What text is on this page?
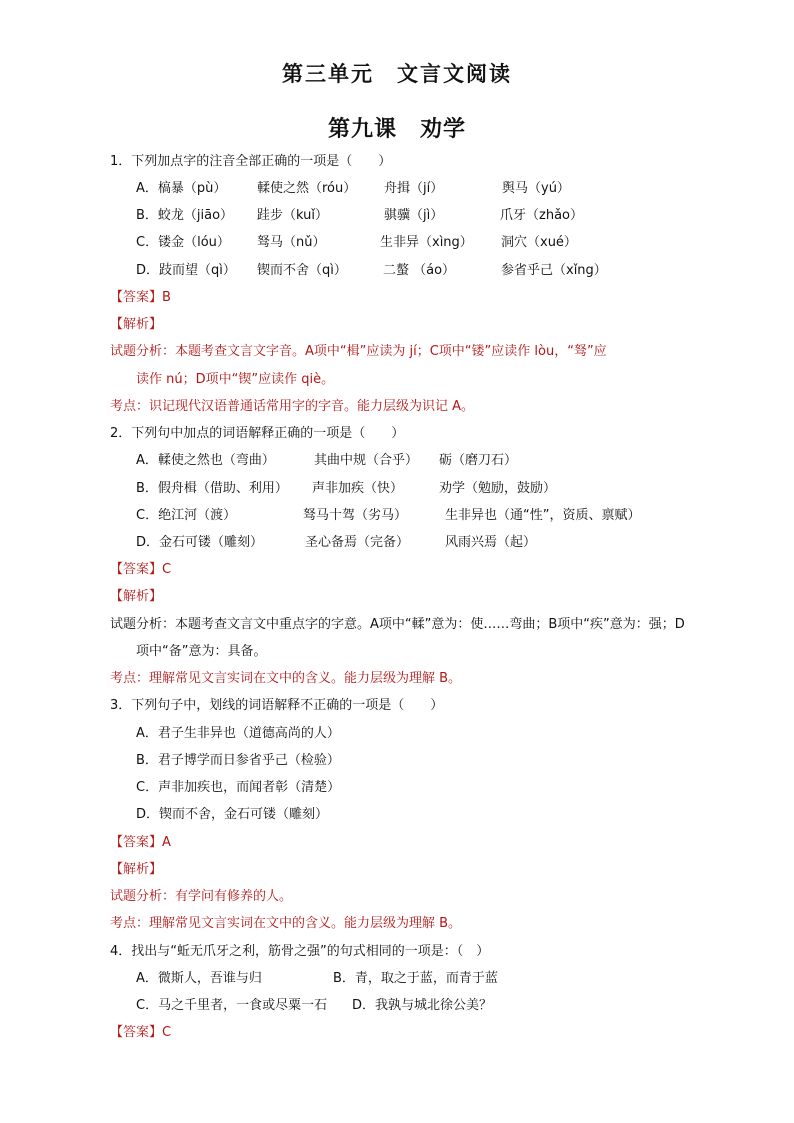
第三单元　文言文阅读
第九课　劝学
1．下列加点字的注音全部正确的一项是（　　）
A．槁暴（pù）	輮使之然（róu）	舟揖（jí）	舆马（yú）
B．蛟龙（jiāo）	跬步（kuǐ）	骐骥（jì）	爪牙（zhǎo）
C．镂金（lóu）	驽马（nǔ）	生非异（xìng）	洞穴（xué）
D．跂而望（qì）	锲而不舍（qì）	二螯 （áo）	参省乎己（xǐng）
【答案】B
【解析】
试题分析：本题考查文言文字音。A项中“楫”应读为 jí；C项中“镂”应读作 lòu，“驽”应
读作 nú；D项中“锲”应读作 qiè。
考点：识记现代汉语普通话常用字的字音。能力层级为识记 A。
2．下列句中加点的词语解释正确的一项是（　　）
A．輮使之然也（弯曲）	其曲中规（合乎）	砺（磨刀石）
B．假舟楫（借助、利用）	声非加疾（快）	劝学（勉励，鼓励）
C．绝江河（渡）	驽马十驾（劣马）	生非异也（通“性”，资质、禀赋）
D．金石可镂（雕刻）	圣心备焉（完备）	风雨兴焉（起）
【答案】C
【解析】
试题分析：本题考查文言文中重点字的字意。A项中“輮”意为：使……弯曲；B项中“疾”意为：强；D
项中“备”意为：具备。
考点：理解常见文言实词在文中的含义。能力层级为理解 B。
3．下列句子中，划线的词语解释不正确的一项是（　　）
A．君子生非异也（道德高尚的人）
B．君子博学而日参省乎己（检验）
C．声非加疾也，而闻者彰（清楚）
D．锲而不舍，金石可镂（雕刻）
【答案】A
【解析】
试题分析：有学问有修养的人。
考点：理解常见文言实词在文中的含义。能力层级为理解 B。
4．找出与“蚯无爪牙之利，筋骨之强”的句式相同的一项是：（　）
A．微斯人，吾谁与归	B．青，取之于蓝，而青于蓝
C．马之千里者，一食或尽粟一石	D．我孰与城北徐公美？
【答案】C
